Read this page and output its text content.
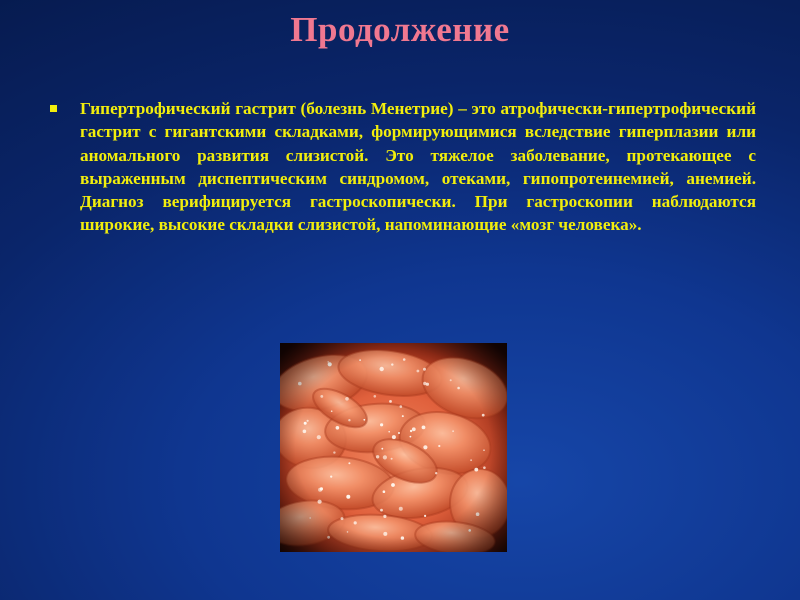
Продолжение
Гипертрофический гастрит (болезнь Менетрие) – это атрофически-гипертрофический гастрит с гигантскими складками, формирующимися вследствие гиперплазии или аномального развития слизистой. Это тяжелое заболевание, протекающее с выраженным диспептическим синдромом, отеками, гипопротеинемией, анемией. Диагноз верифицируется гастроскопически. При гастроскопии наблюдаются широкие, высокие складки слизистой, напоминающие «мозг человека».
